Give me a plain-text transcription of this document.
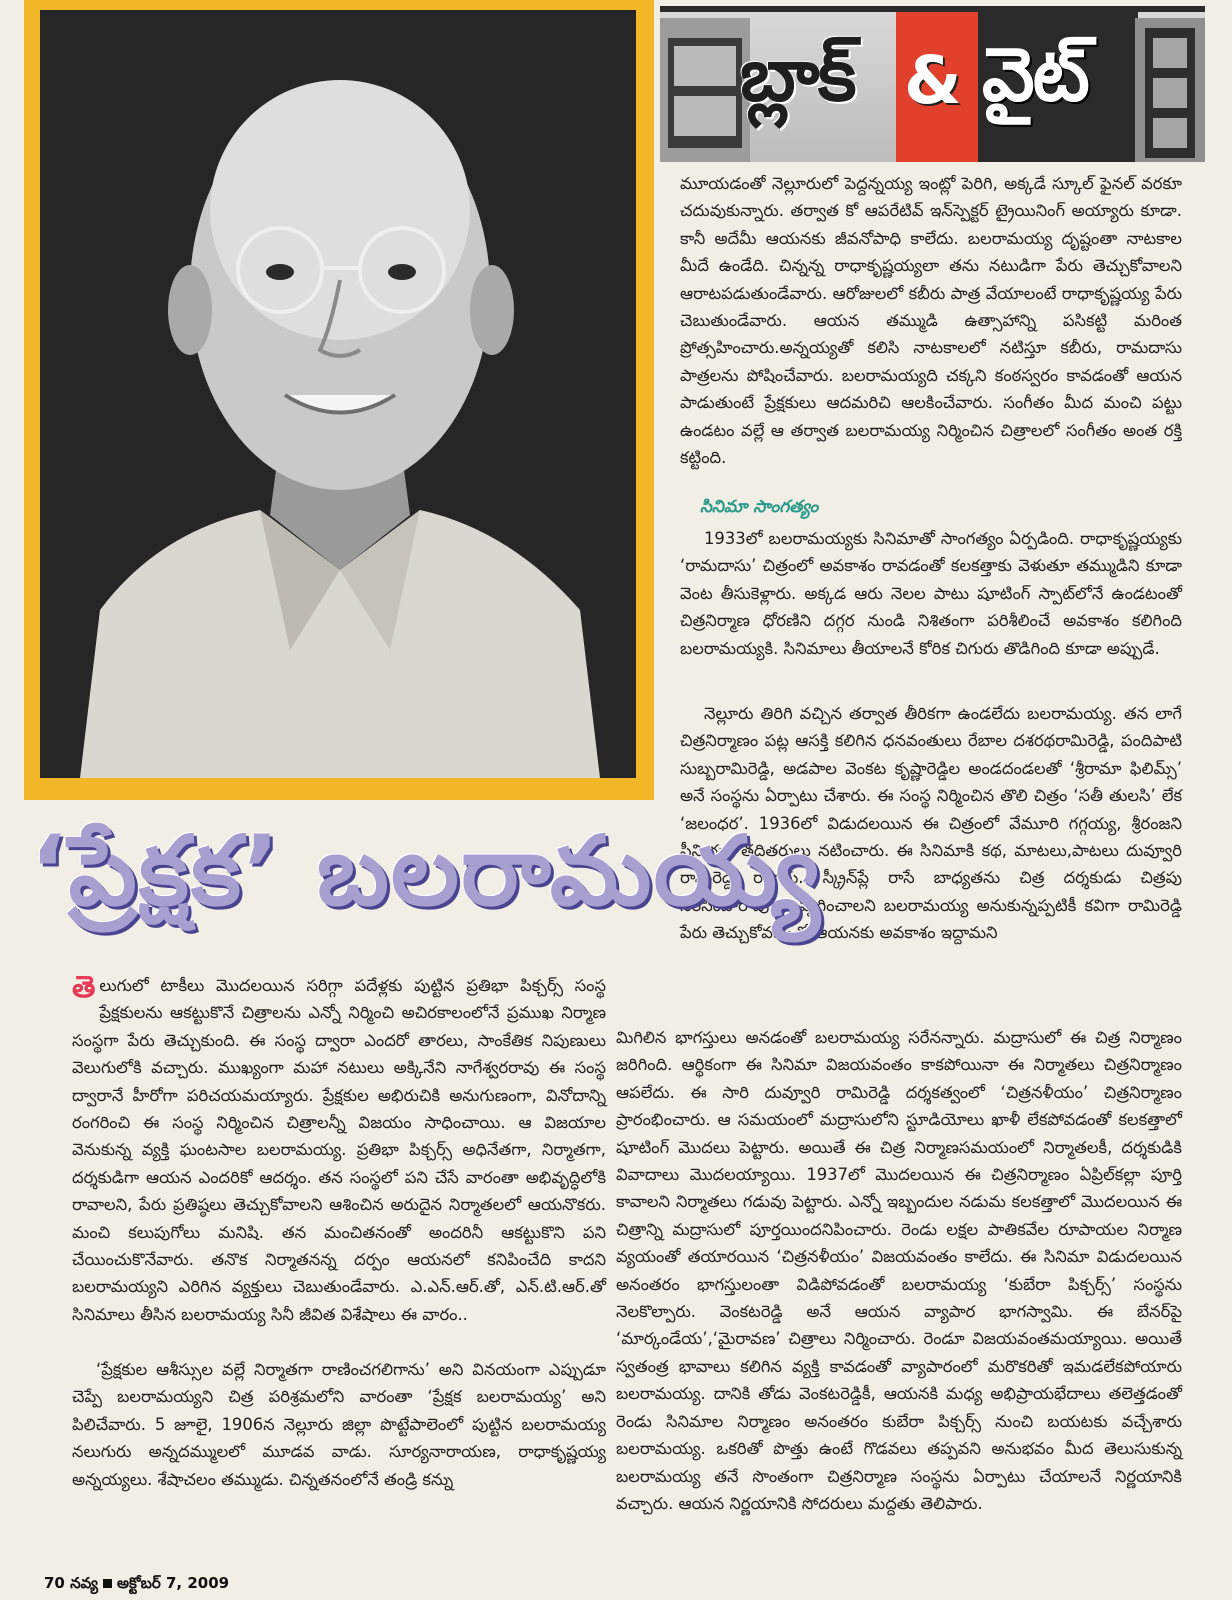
బ్లాక్ & వైట్

మూయడంతో నెల్లూరులో పెద్దన్నయ్య ఇంట్లో పెరిగి, అక్కడే స్కూల్ ఫైనల్ వరకూ చదువుకున్నారు. తర్వాత కో ఆపరేటివ్ ఇన్‌స్పెక్టర్ ట్రైయినింగ్ అయ్యారు కూడా. కానీ అదేమీ ఆయనకు జీవనోపాధి కాలేదు. బలరామయ్య దృష్టంతా నాటకాల మీదే ఉండేది. చిన్నన్న రాధాకృష్ణయ్యలా తను నటుడిగా పేరు తెచ్చుకోవాలని ఆరాటపడుతుండేవారు. ఆరోజులలో కబీరు పాత్ర వేయాలంటే రాధాకృష్ణయ్య పేరు చెబుతుండేవారు. ఆయన తమ్ముడి ఉత్సాహాన్ని పసికట్టి మరింత ప్రోత్సహించారు.అన్నయ్యతో కలిసి నాటకాలలో నటిస్తూ కబీరు, రామదాసు పాత్రలను పోషించేవారు. బలరామయ్యది చక్కని కంఠస్వరం కావడంతో ఆయన పాడుతుంటే ప్రేక్షకులు ఆదమరిచి ఆలకించేవారు. సంగీతం మీద మంచి పట్టు ఉండటం వల్లే ఆ తర్వాత బలరామయ్య నిర్మించిన చిత్రాలలో సంగీతం అంత రక్తి కట్టింది.

సినిమా సాంగత్యం

1933లో బలరామయ్యకు సినిమాతో సాంగత్యం ఏర్పడింది. రాధాకృష్ణయ్యకు ‘రామదాసు’ చిత్రంలో అవకాశం రావడంతో కలకత్తాకు వెళుతూ తమ్ముడిని కూడా వెంట తీసుకెళ్లారు. అక్కడ ఆరు నెలల పాటు షూటింగ్ స్పాట్‌లోనే ఉండటంతో చిత్రనిర్మాణ ధోరణిని దగ్గర నుండి నిశితంగా పరిశీలించే అవకాశం కలిగింది బలరామయ్యకి. సినిమాలు తీయాలనే కోరిక చిగురు తొడిగింది కూడా అప్పుడే.

నెల్లూరు తిరిగి వచ్చిన తర్వాత తీరికగా ఉండలేదు బలరామయ్య. తన లాగే చిత్రనిర్మాణం పట్ల ఆసక్తి కలిగిన ధనవంతులు రేబాల దశరథరామిరెడ్డి, పందిపాటి సుబ్బరామిరెడ్డి, అడపాల వెంకట కృష్ణారెడ్డిల అండదండలతో ‘శ్రీరామా ఫిలిమ్స్’ అనే సంస్థను ఏర్పాటు చేశారు. ఈ సంస్థ నిర్మించిన తొలి చిత్రం ‘సతీ తులసి’ లేక ‘జలంధర’. 1936లో విడుదలయిన ఈ చిత్రంలో వేమూరి గగ్గయ్య, శ్రీరంజని సీనియర్ తదితరులు నటించారు. ఈ సినిమాకి కథ, మాటలు,పాటలు దువ్వూరి రామిరెడ్డి రాశారు. స్క్రీన్‌ప్లే రాసే బాధ్యతను చిత్ర దర్శకుడు చిత్రపు నరసింహారావుకి అప్పగించాలని బలరామయ్య అనుకున్నప్పటికీ కవిగా రామిరెడ్డి పేరు తెచ్చుకోవడంతో ఆయనకు అవకాశం ఇద్దామని

మిగిలిన భాగస్తులు అనడంతో బలరామయ్య సరేనన్నారు. మద్రాసులో ఈ చిత్ర నిర్మాణం జరిగింది. ఆర్థికంగా ఈ సినిమా విజయవంతం కాకపోయినా ఈ నిర్మాతలు చిత్రనిర్మాణం ఆపలేదు. ఈ సారి దువ్వూరి రామిరెడ్డి దర్శకత్వంలో ‘చిత్రనళీయం’ చిత్రనిర్మాణం ప్రారంభించారు. ఆ సమయంలో మద్రాసులోని స్టూడియోలు ఖాళీ లేకపోవడంతో కలకత్తాలో షూటింగ్ మొదలు పెట్టారు. అయితే ఈ చిత్ర నిర్మాణసమయంలో నిర్మాతలకీ, దర్శకుడికి వివాదాలు మొదలయ్యాయి. 1937లో మొదలయిన ఈ చిత్రనిర్మాణం ఏప్రిల్‌కల్లా పూర్తి కావాలని నిర్మాతలు గడువు పెట్టారు. ఎన్నో ఇబ్బందుల నడుమ కలకత్తాలో మొదలయిన ఈ చిత్రాన్ని మద్రాసులో పూర్తయిందనిపించారు. రెండు లక్షల పాతికవేల రూపాయల నిర్మాణ వ్యయంతో తయారయిన ‘చిత్రనళీయం’ విజయవంతం కాలేదు. ఈ సినిమా విడుదలయిన అనంతరం భాగస్తులంతా విడిపోవడంతో బలరామయ్య ‘కుబేరా పిక్చర్స్’ సంస్థను నెలకొల్పారు. వెంకటరెడ్డి అనే ఆయన వ్యాపార భాగస్వామి. ఈ బేనర్‌పై ‘మార్కండేయ’,‘మైరావణ’ చిత్రాలు నిర్మించారు. రెండూ విజయవంతమయ్యాయి. అయితే స్వతంత్ర భావాలు కలిగిన వ్యక్తి కావడంతో వ్యాపారంలో మరొకరితో ఇమడలేకపోయారు బలరామయ్య. దానికి తోడు వెంకటరెడ్డికీ, ఆయనకి మధ్య అభిప్రాయభేదాలు తలెత్తడంతో రెండు సినిమాల నిర్మాణం అనంతరం కుబేరా పిక్చర్స్ నుంచి బయటకు వచ్చేశారు బలరామయ్య. ఒకరితో పొత్తు ఉంటే గొడవలు తప్పవని అనుభవం మీద తెలుసుకున్న బలరామయ్య తనే సొంతంగా చిత్రనిర్మాణ సంస్థను ఏర్పాటు చేయాలనే నిర్ణయానికి వచ్చారు. ఆయన నిర్ణయానికి సోదరులు మద్దతు తెలిపారు.

‘ప్రేక్షక’ బలరామయ్య

తెలుగులో టాకీలు మొదలయిన సరిగ్గా పదేళ్లకు పుట్టిన ప్రతిభా పిక్చర్స్ సంస్థ ప్రేక్షకులను ఆకట్టుకొనే చిత్రాలను ఎన్నో నిర్మించి అచిరకాలంలోనే ప్రముఖ నిర్మాణ సంస్థగా పేరు తెచ్చుకుంది. ఈ సంస్థ ద్వారా ఎందరో తారలు, సాంకేతిక నిపుణులు వెలుగులోకి వచ్చారు. ముఖ్యంగా మహా నటులు అక్కినేని నాగేశ్వరరావు ఈ సంస్థ ద్వారానే హీరోగా పరిచయమయ్యారు. ప్రేక్షకుల అభిరుచికి అనుగుణంగా, వినోదాన్ని రంగరించి ఈ సంస్థ నిర్మించిన చిత్రాలన్నీ విజయం సాధించాయి. ఆ విజయాల వెనుకున్న వ్యక్తి ఘంటసాల బలరామయ్య. ప్రతిభా పిక్చర్స్ అధినేతగా, నిర్మాతగా, దర్శకుడిగా ఆయన ఎందరికో ఆదర్శం. తన సంస్థలో పని చేసే వారంతా అభివృద్ధిలోకి రావాలని, పేరు ప్రతిష్ఠలు తెచ్చుకోవాలని ఆశించిన అరుదైన నిర్మాతలలో ఆయనొకరు. మంచి కలుపుగోలు మనిషి. తన మంచితనంతో అందరినీ ఆకట్టుకొని పని చేయించుకొనేవారు. తనొక నిర్మాతనన్న దర్పం ఆయనలో కనిపించేది కాదని బలరామయ్యని ఎరిగిన వ్యక్తులు చెబుతుండేవారు. ఎ.ఎన్.ఆర్.తో, ఎన్.టి.ఆర్.తో సినిమాలు తీసిన బలరామయ్య సినీ జీవిత విశేషాలు ఈ వారం..

‘ప్రేక్షకుల ఆశీస్సుల వల్లే నిర్మాతగా రాణించగలిగాను’ అని వినయంగా ఎప్పుడూ చెప్పే బలరామయ్యని చిత్ర పరిశ్రమలోని వారంతా ‘ప్రేక్షక బలరామయ్య’ అని పిలిచేవారు. 5 జూలై, 1906న నెల్లూరు జిల్లా పొట్టేపాలెంలో పుట్టిన బలరామయ్య నలుగురు అన్నదమ్ములలో మూడవ వాడు. సూర్యనారాయణ, రాధాకృష్ణయ్య అన్నయ్యలు. శేషాచలం తమ్ముడు. చిన్నతనంలోనే తండ్రి కన్ను

70 నవ్య అక్టోబర్ 7, 2009
